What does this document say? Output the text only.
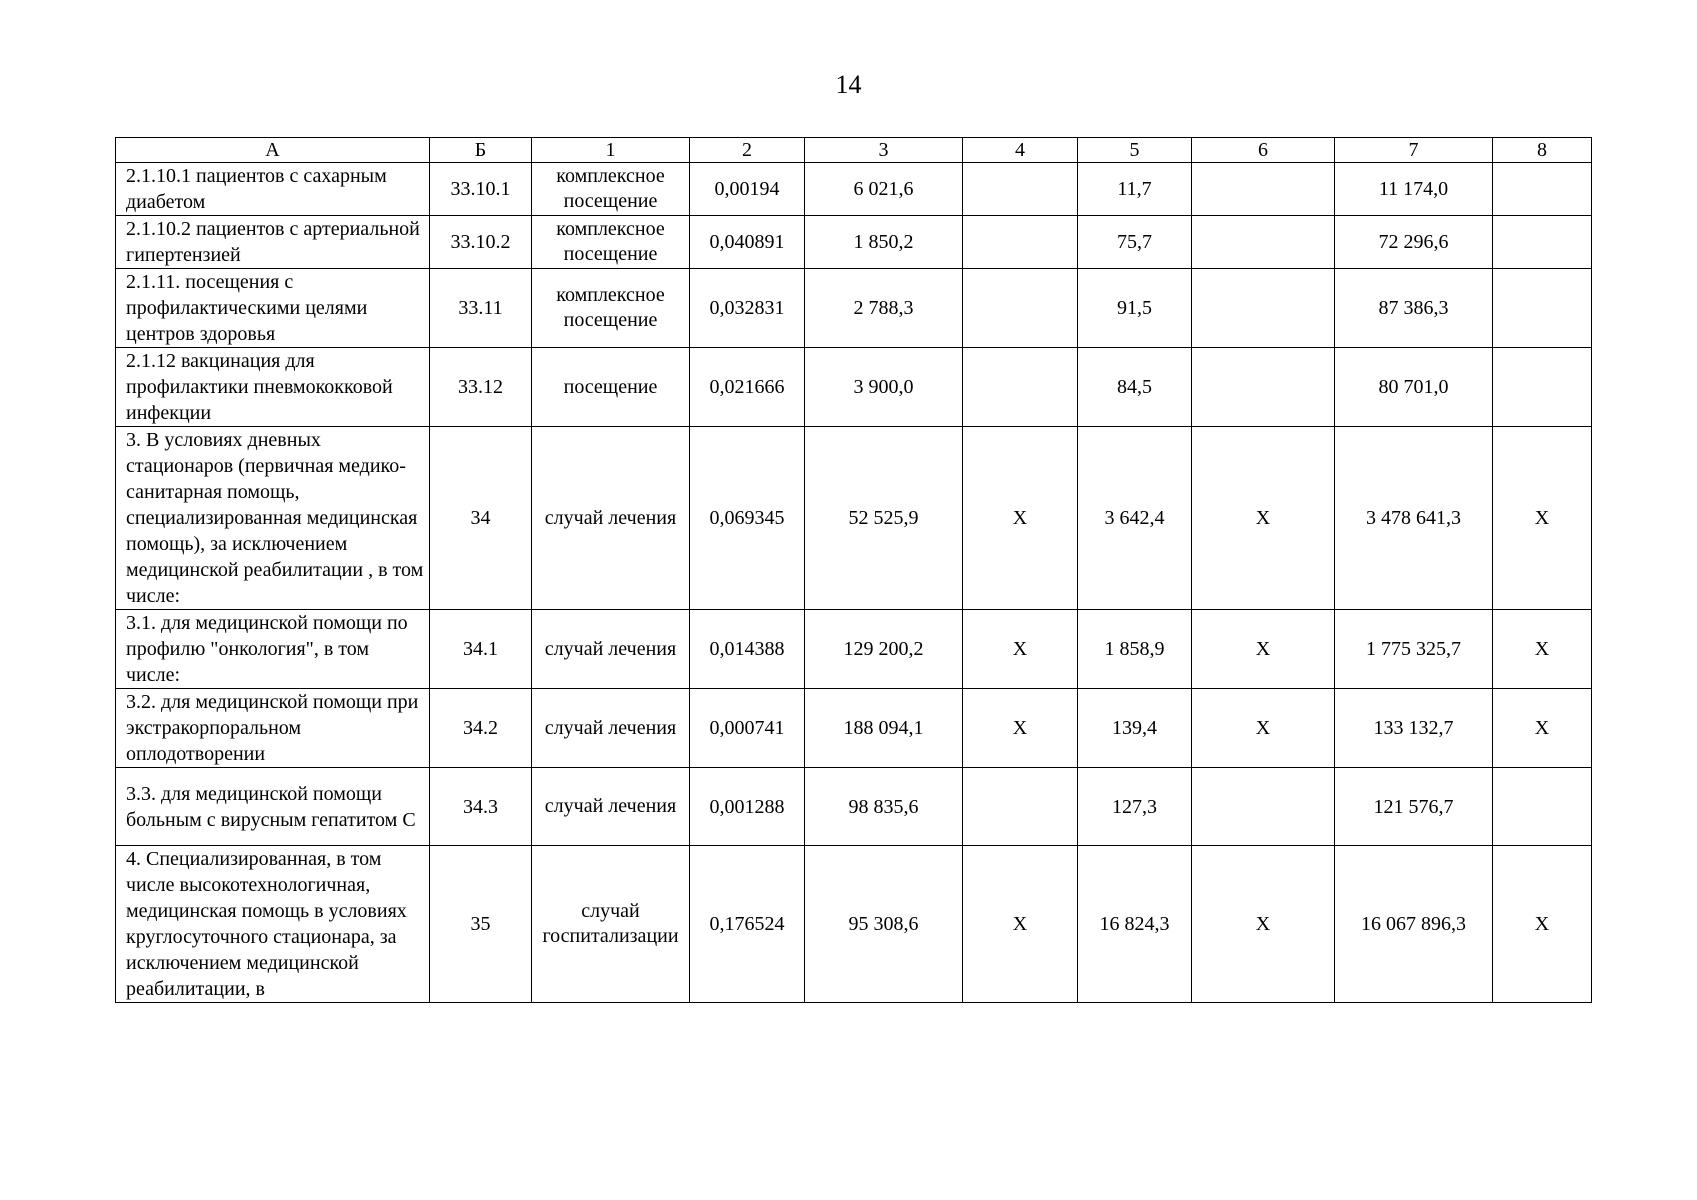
14
А	Б	1	2	3	4	5	6	7	8
2.1.10.1 пациентов с сахарным диабетом	33.10.1	комплексное посещение	0,00194	6 021,6		11,7		11 174,0	
2.1.10.2 пациентов с артериальной гипертензией	33.10.2	комплексное посещение	0,040891	1 850,2		75,7		72 296,6	
2.1.11. посещения с профилактическими целями центров здоровья	33.11	комплексное посещение	0,032831	2 788,3		91,5		87 386,3	
2.1.12 вакцинация для профилактики пневмококковой инфекции	33.12	посещение	0,021666	3 900,0		84,5		80 701,0	
3. В условиях дневных стационаров (первичная медико-санитарная помощь, специализированная медицинская помощь), за исключением медицинской реабилитации , в том числе:	34	случай лечения	0,069345	52 525,9	Х	3 642,4	Х	3 478 641,3	Х
3.1. для медицинской помощи по профилю "онкология", в том числе:	34.1	случай лечения	0,014388	129 200,2	Х	1 858,9	Х	1 775 325,7	Х
3.2. для медицинской помощи при экстракорпоральном оплодотворении	34.2	случай лечения	0,000741	188 094,1	Х	139,4	Х	133 132,7	Х
3.3. для медицинской помощи больным с вирусным гепатитом С	34.3	случай лечения	0,001288	98 835,6		127,3		121 576,7	
4. Специализированная, в том числе высокотехнологичная, медицинская помощь в условиях круглосуточного стационара, за исключением медицинской реабилитации, в	35	случай госпитализации	0,176524	95 308,6	Х	16 824,3	Х	16 067 896,3	Х
